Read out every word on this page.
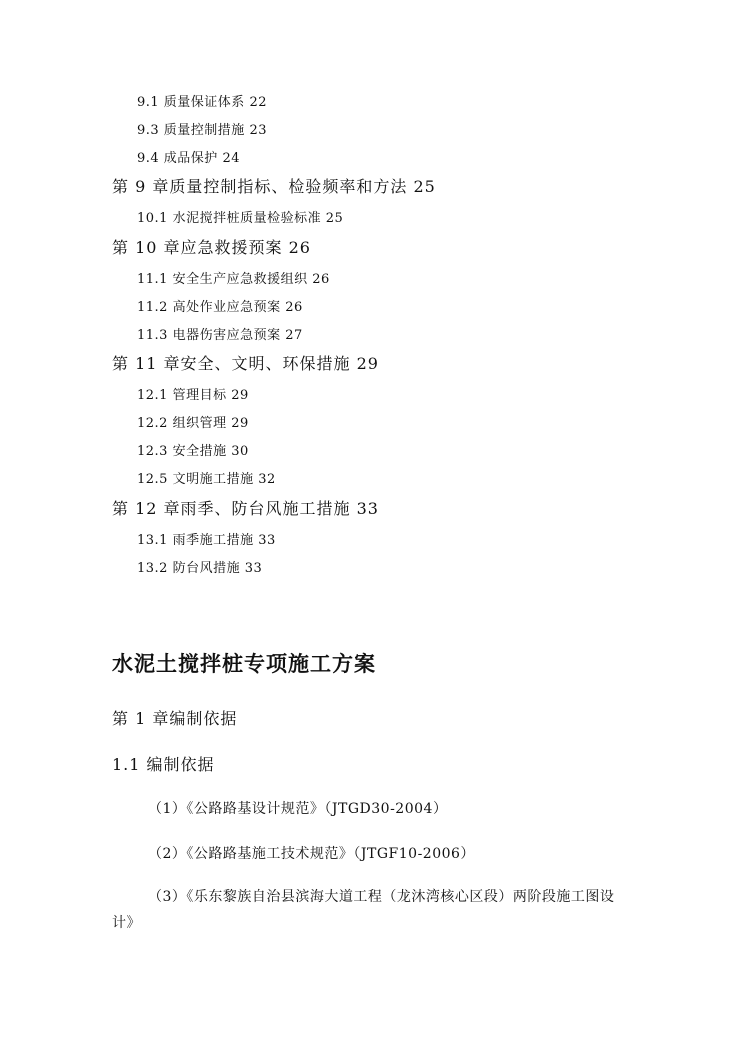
9.1 质量保证体系 22

9.3 质量控制措施 23

9.4 成品保护 24

第 9 章质量控制指标、检验频率和方法 25

10.1 水泥搅拌桩质量检验标准 25

第 10 章应急救援预案 26

11.1 安全生产应急救援组织 26

11.2 高处作业应急预案 26

11.3 电器伤害应急预案 27

第 11 章安全、文明、环保措施 29

12.1 管理目标 29

12.2 组织管理 29

12.3 安全措施 30

12.5 文明施工措施 32

第 12 章雨季、防台风施工措施 33

13.1 雨季施工措施 33

13.2 防台风措施 33

水泥土搅拌桩专项施工方案

第 1 章编制依据

1.1 编制依据

（1）《公路路基设计规范》（JTGD30-2004）

（2）《公路路基施工技术规范》（JTGF10-2006）

（3）《乐东黎族自治县滨海大道工程（龙沐湾核心区段）两阶段施工图设

计》
